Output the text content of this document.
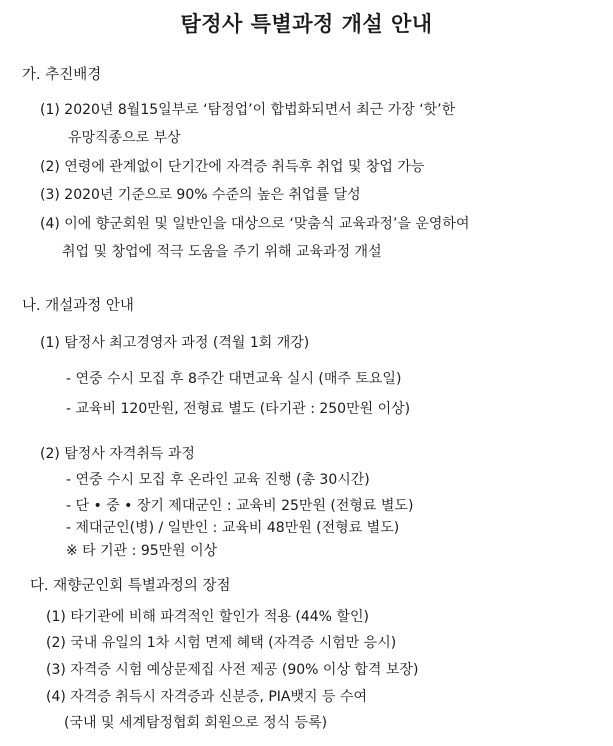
탐정사 특별과정 개설 안내
가. 추진배경
(1) 2020년 8월15일부로 ‘탐정업’이 합법화되면서 최근 가장 ‘핫’한
유망직종으로 부상
(2) 연령에 관계없이 단기간에 자격증 취득후 취업 및 창업 가능
(3) 2020년 기준으로 90% 수준의 높은 취업률 달성
(4) 이에 향군회원 및 일반인을 대상으로 ‘맞춤식 교육과정’을 운영하여
취업 및 창업에 적극 도움을 주기 위해 교육과정 개설
나. 개설과정 안내
(1) 탐정사 최고경영자 과정 (격월 1회 개강)
- 연중 수시 모집 후 8주간 대면교육 실시 (매주 토요일)
- 교육비 120만원, 전형료 별도 (타기관 : 250만원 이상)
(2) 탐정사 자격취득 과정
- 연중 수시 모집 후 온라인 교육 진행 (총 30시간)
- 단 • 중 • 장기 제대군인 : 교육비 25만원 (전형료 별도)
- 제대군인(병) / 일반인 : 교육비 48만원 (전형료 별도)
※ 타 기관 : 95만원 이상
다. 재향군인회 특별과정의 장점
(1) 타기관에 비해 파격적인 할인가 적용 (44% 할인)
(2) 국내 유일의 1차 시험 면제 혜택 (자격증 시험만 응시)
(3) 자격증 시험 예상문제집 사전 제공 (90% 이상 합격 보장)
(4) 자격증 취득시 자격증과 신분증, PIA뱃지 등 수여
(국내 및 세계탐정협회 회원으로 정식 등록)
